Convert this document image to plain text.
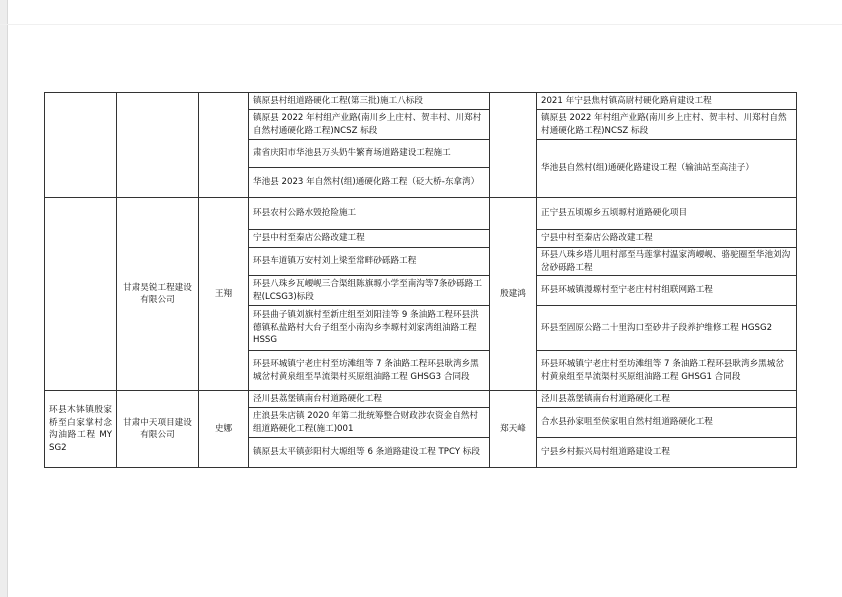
			镇原县村组道路硬化工程(第三批)施工八标段		2021 年宁县焦村镇高尉村硬化路肩建设工程
			镇原县 2022 年村组产业路(南川乡上庄村、贺丰村、川郑村自然村通硬化路工程)NCSZ 标段		镇原县 2022 年村组产业路(南川乡上庄村、贺丰村、川郑村自然村通硬化路工程)NCSZ 标段

			肃省庆阳市华池县万头奶牛繁育场道路建设工程施工		华池县自然村(组)通硬化路建设工程（输油站至高洼子）
			华池县 2023 年自然村(组)通硬化路工程（砭大桥-东拿湾）		

	甘肃昊锐工程建设有限公司	王翔	环县农村公路水毁抢险施工	殷建鸿	正宁县五顷塬乡五顷塬村道路硬化项目
			宁县中村至秦店公路改建工程		宁县中村至秦店公路改建工程
			环县车道镇万安村刘上梁至常畔砂砾路工程		环县八珠乡塔儿咀村部至马莲掌村温家湾崾岘、骆驼圈至华池刘沟岔砂砾路工程

			环县八珠乡瓦崾岘三合渠组陈旗塬小学至南沟等7条砂砾路工程(LCSG3)标段		环县环城镇漫塬村至宁老庄村村组联网路工程

			环县曲子镇刘旗村至新庄组至刘阳洼等 9 条油路工程环县洪德镇私盐路村大台子组至小南沟乡李塬村刘家湾组油路工程 HSSG		环县至固原公路二十里沟口至砂井子段养护维修工程 HGSG2

			环县环城镇宁老庄村至坊滩组等 7 条油路工程环县耿湾乡黑城岔村黄泉组至旱流渠村买原组油路工程 GHSG3 合同段		环县环城镇宁老庄村至坊滩组等 7 条油路工程环县耿湾乡黑城岔村黄泉组至旱流渠村买原组油路工程 GHSG1 合同段

环县木钵镇殷家桥至白家掌村念沟油路工程 MYSG2	甘肃中天项目建设有限公司	史娜	泾川县荔堡镇南台村道路硬化工程	郑天峰	泾川县荔堡镇南台村道路硬化工程
			庄浪县朱店镇 2020 年第二批统筹整合财政涉农资金自然村组道路硬化工程(施工)001		合水县孙家咀至侯家咀自然村组道路硬化工程

			镇原县太平镇彭阳村大塬组等 6 条道路建设工程 TPCY 标段		宁县乡村振兴局村组道路建设工程
